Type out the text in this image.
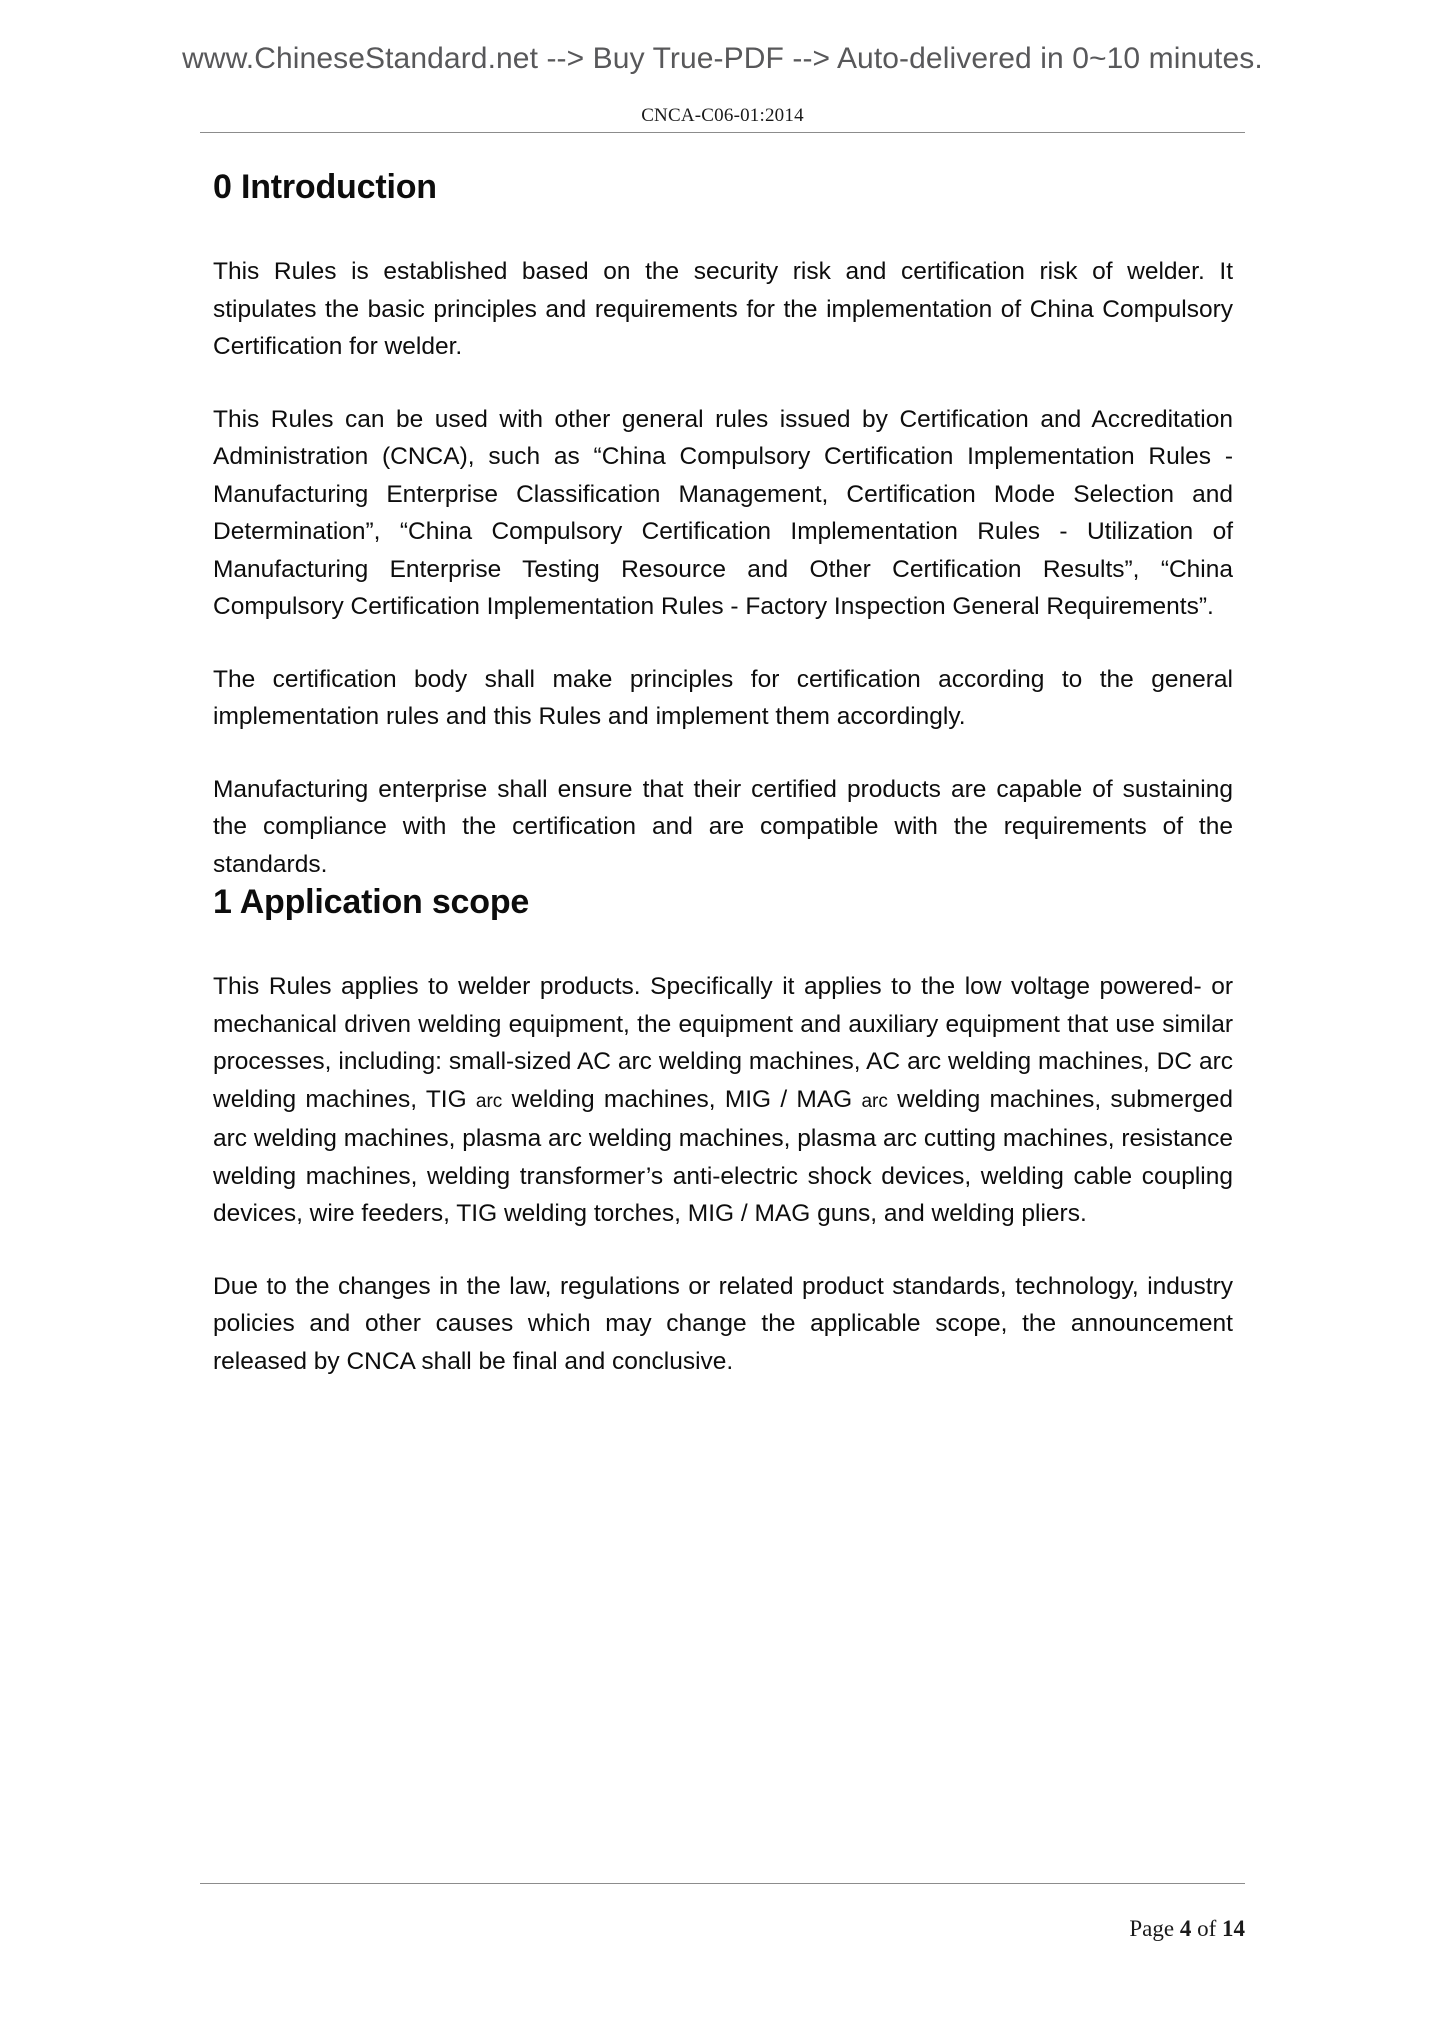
www.ChineseStandard.net --> Buy True-PDF --> Auto-delivered in 0~10 minutes.
CNCA-C06-01:2014
0 Introduction

This Rules is established based on the security risk and certification risk of welder. It stipulates the basic principles and requirements for the implementation of China Compulsory Certification for welder.

This Rules can be used with other general rules issued by Certification and Accreditation Administration (CNCA), such as “China Compulsory Certification Implementation Rules - Manufacturing Enterprise Classification Management, Certification Mode Selection and Determination”, “China Compulsory Certification Implementation Rules - Utilization of Manufacturing Enterprise Testing Resource and Other Certification Results”, “China Compulsory Certification Implementation Rules - Factory Inspection General Requirements”.

The certification body shall make principles for certification according to the general implementation rules and this Rules and implement them accordingly.

Manufacturing enterprise shall ensure that their certified products are capable of sustaining the compliance with the certification and are compatible with the requirements of the standards.

1 Application scope

This Rules applies to welder products. Specifically it applies to the low voltage powered- or mechanical driven welding equipment, the equipment and auxiliary equipment that use similar processes, including: small-sized AC arc welding machines, AC arc welding machines, DC arc welding machines, TIG arc welding machines, MIG / MAG arc welding machines, submerged arc welding machines, plasma arc welding machines, plasma arc cutting machines, resistance welding machines, welding transformer’s anti-electric shock devices, welding cable coupling devices, wire feeders, TIG welding torches, MIG / MAG guns, and welding pliers.

Due to the changes in the law, regulations or related product standards, technology, industry policies and other causes which may change the applicable scope, the announcement released by CNCA shall be final and conclusive.

Page 4 of 14
